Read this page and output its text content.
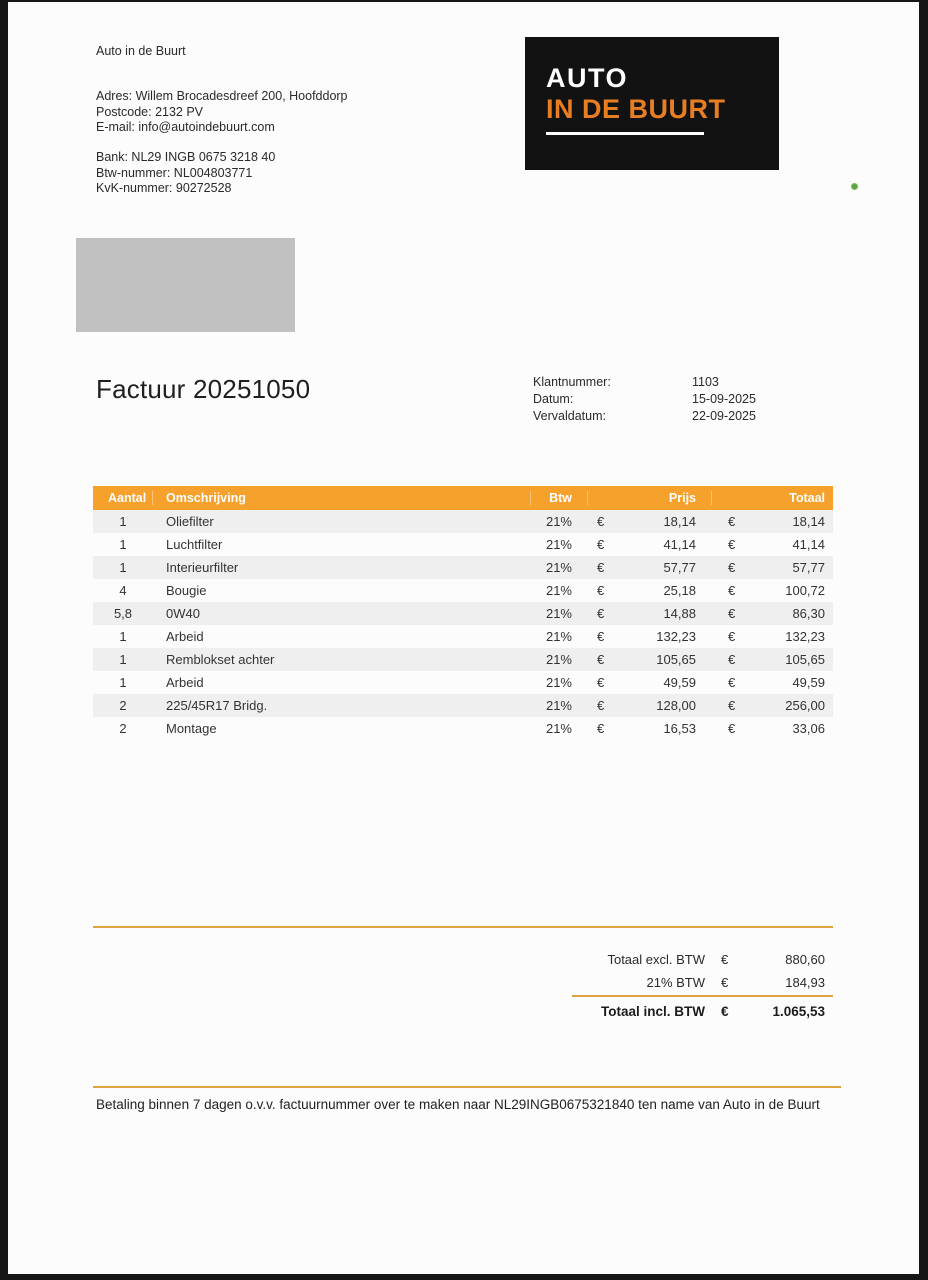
Auto in de Buurt
Adres: Willem Brocadesdreef 200, Hoofddorp
Postcode: 2132 PV
E-mail: info@autoindebuurt.com
Bank: NL29 INGB 0675 3218 40
Btw-nummer: NL004803771
KvK-nummer: 90272528
AUTO
IN DE BUURT
Factuur 20251050	Klantnummer:	1103
Datum:	15-09-2025
Vervaldatum:	22-09-2025
Aantal	Omschrijving	Btw	Prijs	Totaal
1	Oliefilter	21%	€	18,14	€	18,14
1	Luchtfilter	21%	€	41,14	€	41,14
1	Interieurfilter	21%	€	57,77	€	57,77
4	Bougie	21%	€	25,18	€	100,72
5,8	0W40	21%	€	14,88	€	86,30
1	Arbeid	21%	€	132,23	€	132,23
1	Remblokset achter	21%	€	105,65	€	105,65
1	Arbeid	21%	€	49,59	€	49,59
2	225/45R17 Bridg.	21%	€	128,00	€	256,00
2	Montage	21%	€	16,53	€	33,06
Totaal excl. BTW	€	880,60
21% BTW	€	184,93
Totaal incl. BTW	€	1.065,53
Betaling binnen 7 dagen o.v.v. factuurnummer over te maken naar NL29INGB0675321840 ten name van Auto in de Buurt
